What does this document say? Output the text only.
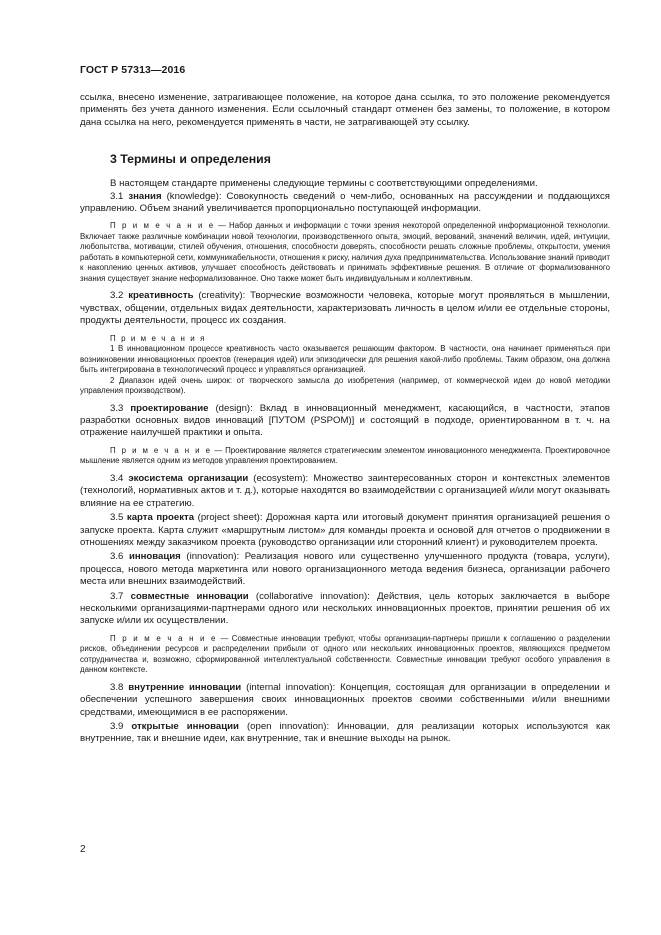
ГОСТ Р 57313—2016

ссылка, внесено изменение, затрагивающее положение, на которое дана ссылка, то это положение рекомендуется применять без учета данного изменения. Если ссылочный стандарт отменен без замены, то положение, в котором дана ссылка на него, рекомендуется применять в части, не затрагивающей эту ссылку.

3 Термины и определения

В настоящем стандарте применены следующие термины с соответствующими определениями.

3.1 знания (knowledge): Совокупность сведений о чем-либо, основанных на рассуждении и поддающихся управлению. Объем знаний увеличивается пропорционально поступающей информации.

П р и м е ч а н и е — Набор данных и информации с точки зрения некоторой определенной информационной технологии. Включает также различные комбинации новой технологии, производственного опыта, эмоций, верований, значений величин, идей, интуиции, любопытства, мотивации, стилей обучения, отношения, способности доверять, способности решать сложные проблемы, открытости, умения работать в компьютерной сети, коммуникабельности, отношения к риску, наличия духа предпринимательства. Использование знаний приводит к накоплению ценных активов, улучшает способность действовать и принимать эффективные решения. В отличие от формализованного знания существует знание неформализованное. Оно также может быть индивидуальным и коллективным.

3.2 креативность (creativity): Творческие возможности человека, которые могут проявляться в мышлении, чувствах, общении, отдельных видах деятельности, характеризовать личность в целом и/или ее отдельные стороны, продукты деятельности, процесс их создания.

П р и м е ч а н и я

1 В инновационном процессе креативность часто оказывается решающим фактором. В частности, она начинает применяться при возникновении инновационных проектов (генерация идей) или эпизодически для решения какой-либо проблемы. Таким образом, она должна быть интегрирована в технологический процесс и управляться организацией.

2 Диапазон идей очень широк: от творческого замысла до изобретения (например, от коммерческой идеи до новой методики управления производством).

3.3 проектирование (design): Вклад в инновационный менеджмент, касающийся, в частности, этапов разработки основных видов инноваций [ПУТОМ (PSPOM)] и состоящий в подходе, ориентированном в т. ч. на отражение наилучшей практики и опыта.

П р и м е ч а н и е — Проектирование является стратегическим элементом инновационного менеджмента. Проектировочное мышление является одним из методов управления проектированием.

3.4 экосистема организации (ecosystem): Множество заинтересованных сторон и контекстных элементов (технологий, нормативных актов и т. д.), которые находятся во взаимодействии с организацией и/или могут оказывать влияние на ее стратегию.

3.5 карта проекта (project sheet): Дорожная карта или итоговый документ принятия организацией решения о запуске проекта. Карта служит «маршрутным листом» для команды проекта и основой для отчетов о продвижении в отношениях между заказчиком проекта (руководство организации или сторонний клиент) и руководителем проекта.

3.6 инновация (innovation): Реализация нового или существенно улучшенного продукта (товара, услуги), процесса, нового метода маркетинга или нового организационного метода ведения бизнеса, организации рабочего места или внешних взаимодействий.

3.7 совместные инновации (collaborative innovation): Действия, цель которых заключается в выборе несколькими организациями-партнерами одного или нескольких инновационных проектов, принятии решения об их запуске и/или их осуществлении.

П р и м е ч а н и е — Совместные инновации требуют, чтобы организации-партнеры пришли к соглашению о разделении рисков, объединении ресурсов и распределении прибыли от одного или нескольких инновационных проектов, являющихся предметом сотрудничества и, возможно, сформированной интеллектуальной собственности. Совместные инновации требуют особого управления в данном контексте.

3.8 внутренние инновации (internal innovation): Концепция, состоящая для организации в определении и обеспечении успешного завершения своих инновационных проектов своими собственными и/или внешними средствами, имеющимися в ее распоряжении.

3.9 открытые инновации (open innovation): Инновации, для реализации которых используются как внутренние, так и внешние идеи, как внутренние, так и внешние выходы на рынок.

2
